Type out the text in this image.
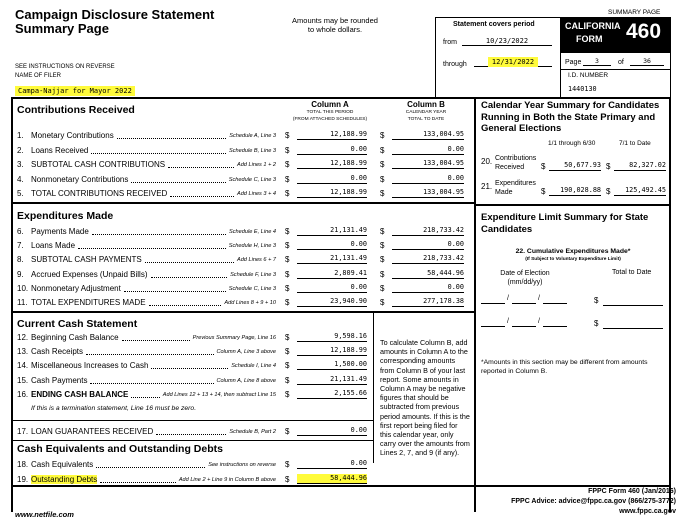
Campaign Disclosure Statement
Summary Page
Amounts may be rounded
to whole dollars.
SEE INSTRUCTIONS ON REVERSE
NAME OF FILER
Campa-Najjar for Mayor 2022
Statement covers period
from	10/23/2022
through	12/31/2022
SUMMARY PAGE
CALIFORNIA
FORM 460
Page	3	of	36
I.D. NUMBER
1440130
Column A
TOTAL THIS PERIOD
(FROM ATTACHED SCHEDULES)
Column B
CALENDAR YEAR
TOTAL TO DATE
Contributions Received
Expenditures Made
Current Cash Statement
To calculate Column B, add amounts in Column A to the corresponding amounts from Column B of your last report. Some amounts in Column A may be negative figures that should be subtracted from previous period amounts. If this is the first report being filed for this calendar year, only carry over the amounts from Lines 2, 7, and 9 (if any).
If this is a termination statement, Line 16 must be zero.
Cash Equivalents and Outstanding Debts
Calendar Year Summary for Candidates Running in Both the State Primary and General Elections
1/1 through 6/30	7/1 to Date
20. Contributions
Received $	50,677.93 $	82,327.02
21. Expenditures
Made	$	190,028.88 $	125,492.45
Expenditure Limit Summary for State Candidates
22. Cumulative Expenditures Made*
(If Subject to Voluntary Expenditure Limit)
Date of Election
(mm/dd/yy)
Total to Date
/	/	$
/	/	$
*Amounts in this section may be different from amounts reported in Column B.
www.netfile.com
FPPC Form 460 (Jan/2016)
FPPC Advice: advice@fppc.ca.gov (866/275-3772)
www.fppc.ca.gov
1. Monetary Contributions	Schedule A, Line 3 $	12,188.99 $	133,004.95
2. Loans Received	Schedule B, Line 3 $	0.00 $	0.00
3. SUBTOTAL CASH CONTRIBUTIONS	Add Lines 1 + 2 $	12,188.99 $	133,004.95
4. Nonmonetary Contributions	Schedule C, Line 3 $	0.00 $	0.00
5. TOTAL CONTRIBUTIONS RECEIVED	Add Lines 3 + 4 $	12,188.99 $	133,004.95
6. Payments Made	Schedule E, Line 4 $	21,131.49 $	218,733.42
7. Loans Made	Schedule H, Line 3 $	0.00 $	0.00
8. SUBTOTAL CASH PAYMENTS	Add Lines 6 + 7 $	21,131.49 $	218,733.42
9. Accrued Expenses (Unpaid Bills)	Schedule F, Line 3 $	2,809.41 $	58,444.96
10. Nonmonetary Adjustment	Schedule C, Line 3 $	0.00 $	0.00
11. TOTAL EXPENDITURES MADE	Add Lines 8 + 9 + 10 $	23,940.90 $	277,178.38
12. Beginning Cash Balance	Previous Summary Page, Line 16 $	9,598.16
13. Cash Receipts	Column A, Line 3 above $	12,188.99
14. Miscellaneous Increases to Cash	Schedule I, Line 4 $	1,500.00
15. Cash Payments	Column A, Line 8 above $	21,131.49
16. ENDING CASH BALANCE	Add Lines 12 + 13 + 14, then subtract Line 15 $	2,155.66
17. LOAN GUARANTEES RECEIVED	Schedule B, Part 2 $	0.00
18. Cash Equivalents	See instructions on reverse $	0.00
19. Outstanding Debts	Add Line 2 + Line 9 in Column B above $	58,444.96
